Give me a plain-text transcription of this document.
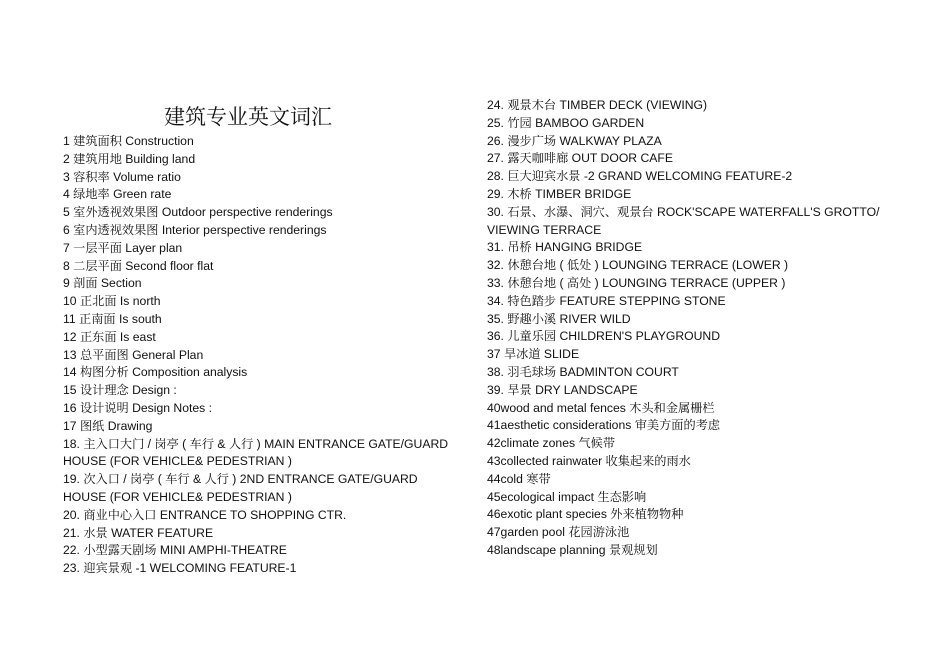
建筑专业英文词汇
1 建筑面积 Construction
2 建筑用地 Building land
3 容积率 Volume ratio
4 绿地率 Green rate
5 室外透视效果图 Outdoor perspective renderings
6 室内透视效果图 Interior perspective renderings
7 一层平面 Layer plan
8 二层平面 Second floor flat
9 剖面 Section
10 正北面 Is north
11 正南面 Is south
12 正东面 Is east
13 总平面图 General Plan
14 构图分析 Composition analysis
15 设计理念 Design :
16 设计说明 Design Notes :
17 图纸 Drawing
18. 主入口大门 / 岗亭 ( 车行 & 人行 ) MAIN ENTRANCE GATE/GUARD
HOUSE (FOR VEHICLE& PEDESTRIAN )
19. 次入口 / 岗亭 ( 车行 & 人行 ) 2ND ENTRANCE GATE/GUARD
HOUSE (FOR VEHICLE& PEDESTRIAN )
20. 商业中心入口 ENTRANCE TO SHOPPING CTR.
21. 水景 WATER FEATURE
22. 小型露天剧场 MINI AMPHI-THEATRE
23. 迎宾景观 -1 WELCOMING FEATURE-1
24. 观景木台 TIMBER DECK (VIEWING)
25. 竹园 BAMBOO GARDEN
26. 漫步广场 WALKWAY PLAZA
27. 露天咖啡廊 OUT DOOR CAFE
28. 巨大迎宾水景 -2 GRAND WELCOMING FEATURE-2
29. 木桥 TIMBER BRIDGE
30. 石景、水瀑、洞穴、观景台 ROCK'SCAPE WATERFALL'S GROTTO/
VIEWING TERRACE
31. 吊桥 HANGING BRIDGE
32. 休憩台地 ( 低处 ) LOUNGING TERRACE (LOWER )
33. 休憩台地 ( 高处 ) LOUNGING TERRACE (UPPER )
34. 特色踏步 FEATURE STEPPING STONE
35. 野趣小溪 RIVER WILD
36. 儿童乐园 CHILDREN'S PLAYGROUND
37 旱冰道 SLIDE
38. 羽毛球场 BADMINTON COURT
39. 旱景 DRY LANDSCAPE
40wood and metal fences 木头和金属栅栏
41aesthetic considerations 审美方面的考虑
42climate zones 气候带
43collected rainwater 收集起来的雨水
44cold 寒带
45ecological impact 生态影响
46exotic plant species 外来植物物种
47garden pool 花园游泳池
48landscape planning 景观规划
